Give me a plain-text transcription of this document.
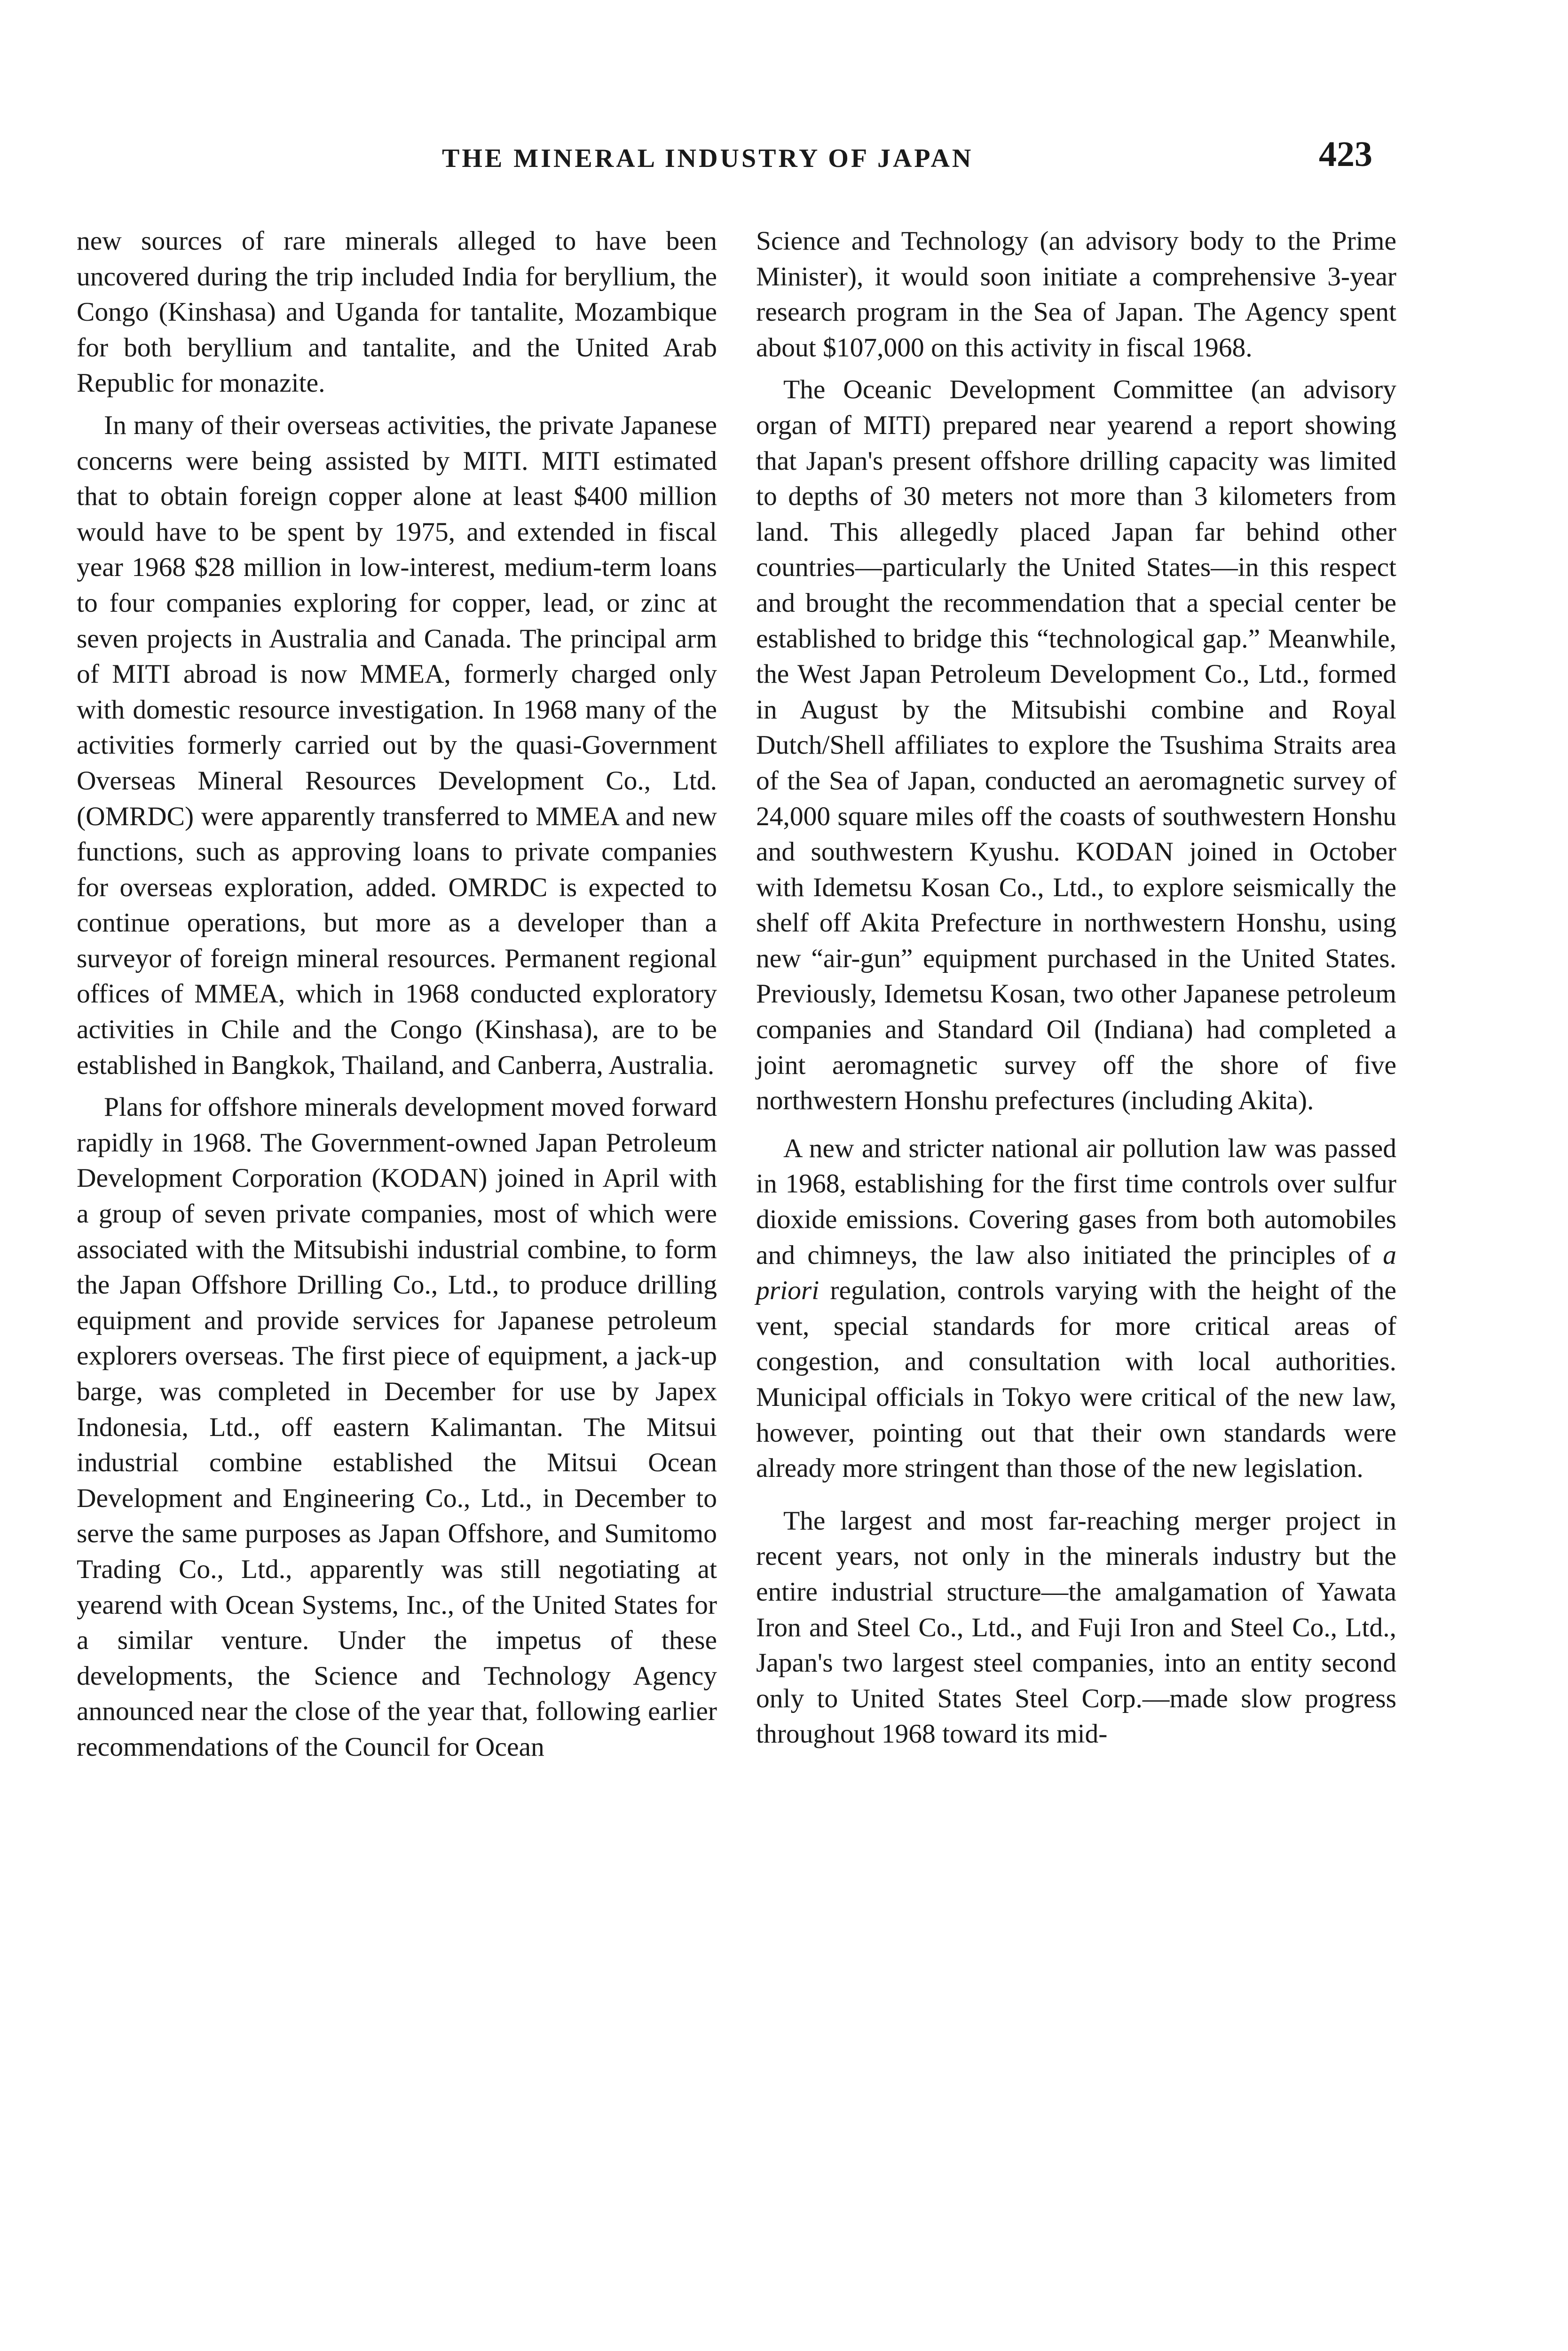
THE MINERAL INDUSTRY OF JAPAN	423

new sources of rare minerals alleged to have been uncovered during the trip included India for beryllium, the Congo (Kinshasa) and Uganda for tantalite, Mozambique for both beryllium and tantalite, and the United Arab Republic for monazite.

In many of their overseas activities, the private Japanese concerns were being assisted by MITI. MITI estimated that to obtain foreign copper alone at least $400 million would have to be spent by 1975, and extended in fiscal year 1968 $28 million in low-interest, medium-term loans to four companies exploring for copper, lead, or zinc at seven projects in Australia and Canada. The principal arm of MITI abroad is now MMEA, formerly charged only with domestic resource investigation. In 1968 many of the activities formerly carried out by the quasi-Government Overseas Mineral Resources Development Co., Ltd. (OMRDC) were apparently transferred to MMEA and new functions, such as approving loans to private companies for overseas exploration, added. OMRDC is expected to continue operations, but more as a developer than a surveyor of foreign mineral resources. Permanent regional offices of MMEA, which in 1968 conducted exploratory activities in Chile and the Congo (Kinshasa), are to be established in Bangkok, Thailand, and Canberra, Australia.

Plans for offshore minerals development moved forward rapidly in 1968. The Government-owned Japan Petroleum Development Corporation (KODAN) joined in April with a group of seven private companies, most of which were associated with the Mitsubishi industrial combine, to form the Japan Offshore Drilling Co., Ltd., to produce drilling equipment and provide services for Japanese petroleum explorers overseas. The first piece of equipment, a jack-up barge, was completed in December for use by Japex Indonesia, Ltd., off eastern Kalimantan. The Mitsui industrial combine established the Mitsui Ocean Development and Engineering Co., Ltd., in December to serve the same purposes as Japan Offshore, and Sumitomo Trading Co., Ltd., apparently was still negotiating at yearend with Ocean Systems, Inc., of the United States for a similar venture. Under the impetus of these developments, the Science and Technology Agency announced near the close of the year that, following earlier recommendations of the Council for Ocean

Science and Technology (an advisory body to the Prime Minister), it would soon initiate a comprehensive 3-year research program in the Sea of Japan. The Agency spent about $107,000 on this activity in fiscal 1968.

The Oceanic Development Committee (an advisory organ of MITI) prepared near yearend a report showing that Japan's present offshore drilling capacity was limited to depths of 30 meters not more than 3 kilometers from land. This allegedly placed Japan far behind other countries—particularly the United States—in this respect and brought the recommendation that a special center be established to bridge this “technological gap.” Meanwhile, the West Japan Petroleum Development Co., Ltd., formed in August by the Mitsubishi combine and Royal Dutch/Shell affiliates to explore the Tsushima Straits area of the Sea of Japan, conducted an aeromagnetic survey of 24,000 square miles off the coasts of southwestern Honshu and southwestern Kyushu. KODAN joined in October with Idemetsu Kosan Co., Ltd., to explore seismically the shelf off Akita Prefecture in northwestern Honshu, using new “air-gun” equipment purchased in the United States. Previously, Idemetsu Kosan, two other Japanese petroleum companies and Standard Oil (Indiana) had completed a joint aeromagnetic survey off the shore of five northwestern Honshu prefectures (including Akita).

A new and stricter national air pollution law was passed in 1968, establishing for the first time controls over sulfur dioxide emissions. Covering gases from both automobiles and chimneys, the law also initiated the principles of a priori regulation, controls varying with the height of the vent, special standards for more critical areas of congestion, and consultation with local authorities. Municipal officials in Tokyo were critical of the new law, however, pointing out that their own standards were already more stringent than those of the new legislation.

The largest and most far-reaching merger project in recent years, not only in the minerals industry but the entire industrial structure—the amalgamation of Yawata Iron and Steel Co., Ltd., and Fuji Iron and Steel Co., Ltd., Japan's two largest steel companies, into an entity second only to United States Steel Corp.—made slow progress throughout 1968 toward its mid-
